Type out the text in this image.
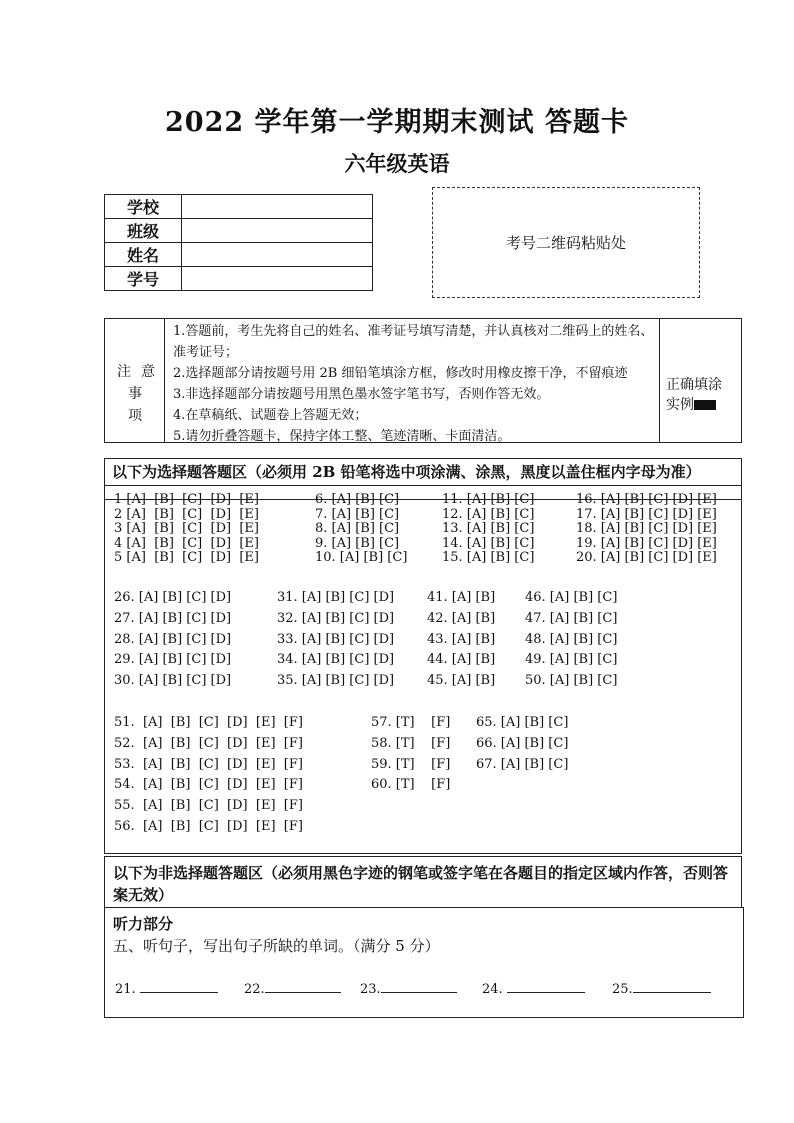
2022 学年第一学期期末测试 答题卡
六年级英语
学校	
班级	
姓名	
学号	
考号二维码粘贴处
注 意
事
项
1.答题前，考生先将自己的姓名、准考证号填写清楚，并认真核对二维码上的姓名、准考证号；
2.选择题部分请按题号用 2B 细铅笔填涂方框，修改时用橡皮擦干净，不留痕迹
3.非选择题部分请按题号用黑色墨水签字笔书写，否则作答无效。
4.在草稿纸、试题卷上答题无效；
5.请勿折叠答题卡，保持字体工整、笔迹清晰、卡面清洁。
正确填涂
实例
以下为选择题答题区（必须用 2B 铅笔将选中项涂满、涂黑，黑度以盖住框内字母为准）
1 [A]  [B]  [C]  [D]  [E]
2 [A]  [B]  [C]  [D]  [E]
3 [A]  [B]  [C]  [D]  [E]
4 [A]  [B]  [C]  [D]  [E]
5 [A]  [B]  [C]  [D]  [E]
6. [A] [B] [C]
7. [A] [B] [C]
8. [A] [B] [C]
9. [A] [B] [C]
10. [A] [B] [C]
11. [A] [B] [C]
12. [A] [B] [C]
13. [A] [B] [C]
14. [A] [B] [C]
15. [A] [B] [C]
16. [A] [B] [C] [D] [E]
17. [A] [B] [C] [D] [E]
18. [A] [B] [C] [D] [E]
19. [A] [B] [C] [D] [E]
20. [A] [B] [C] [D] [E]
26. [A] [B] [C] [D]
27. [A] [B] [C] [D]
28. [A] [B] [C] [D]
29. [A] [B] [C] [D]
30. [A] [B] [C] [D]
31. [A] [B] [C] [D]
32. [A] [B] [C] [D]
33. [A] [B] [C] [D]
34. [A] [B] [C] [D]
35. [A] [B] [C] [D]
41. [A] [B]
42. [A] [B]
43. [A] [B]
44. [A] [B]
45. [A] [B]
46. [A] [B] [C]
47. [A] [B] [C]
48. [A] [B] [C]
49. [A] [B] [C]
50. [A] [B] [C]
51.  [A]  [B]  [C]  [D]  [E]  [F]
52.  [A]  [B]  [C]  [D]  [E]  [F]
53.  [A]  [B]  [C]  [D]  [E]  [F]
54.  [A]  [B]  [C]  [D]  [E]  [F]
55.  [A]  [B]  [C]  [D]  [E]  [F]
56.  [A]  [B]  [C]  [D]  [E]  [F]
57. [T]    [F]
58. [T]    [F]
59. [T]    [F]
60. [T]    [F]
65. [A] [B] [C]
66. [A] [B] [C]
67. [A] [B] [C]
以下为非选择题答题区（必须用黑色字迹的钢笔或签字笔在各题目的指定区域内作答，否则答案无效）
听力部分
五、听句子，写出句子所缺的单词。（满分 5 分）
21.	22.	23.	24.	25.
